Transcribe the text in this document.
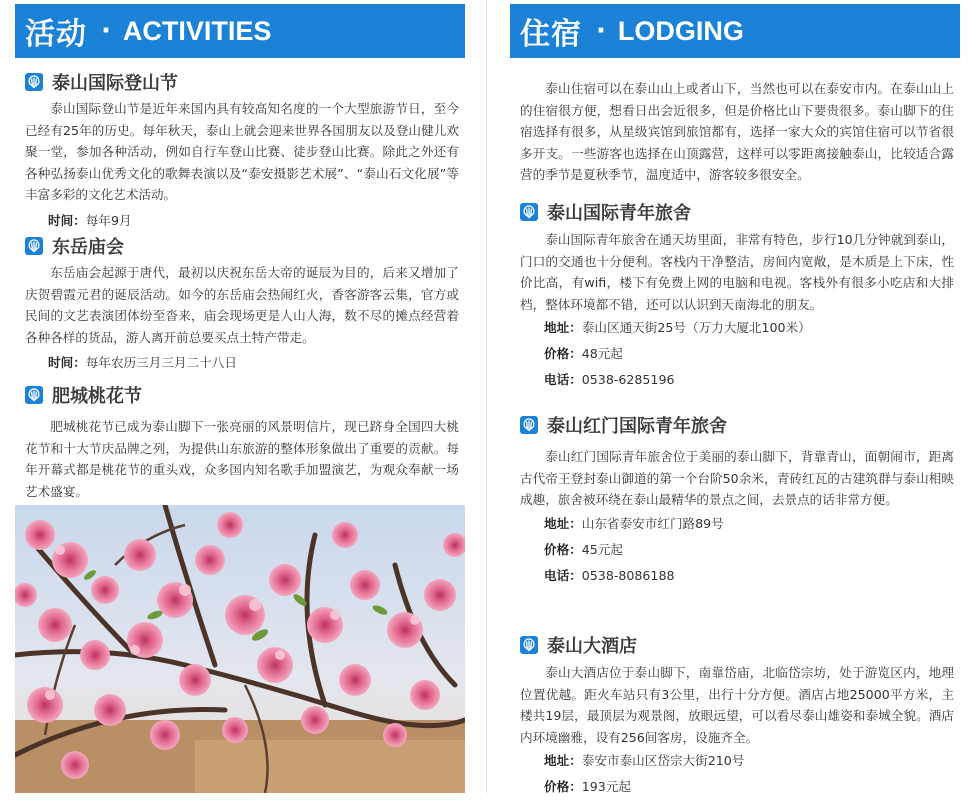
活动 · ACTIVITIES
泰山国际登山节

泰山国际登山节是近年来国内具有较高知名度的一个大型旅游节日，至今已经有25年的历史。每年秋天，泰山上就会迎来世界各国朋友以及登山健儿欢聚一堂，参加各种活动，例如自行车登山比赛、徒步登山比赛。除此之外还有各种弘扬泰山优秀文化的歌舞表演以及“泰安摄影艺术展”、“泰山石文化展”等丰富多彩的文化艺术活动。

时间：每年9月
东岳庙会

东岳庙会起源于唐代，最初以庆祝东岳大帝的诞辰为目的，后来又增加了庆贺碧霞元君的诞辰活动。如今的东岳庙会热闹红火，香客游客云集，官方或民间的文艺表演团体纷至沓来，庙会现场更是人山人海，数不尽的摊点经营着各种各样的货品，游人离开前总要买点土特产带走。

时间：每年农历三月三月二十八日
肥城桃花节

肥城桃花节已成为泰山脚下一张亮丽的风景明信片，现已跻身全国四大桃花节和十大节庆品牌之列，为提供山东旅游的整体形象做出了重要的贡献。每年开幕式都是桃花节的重头戏，众多国内知名歌手加盟演艺，为观众奉献一场艺术盛宴。

住宿 · LODGING

泰山住宿可以在泰山山上或者山下，当然也可以在泰安市内。在泰山山上的住宿很方便，想看日出会近很多，但是价格比山下要贵很多。泰山脚下的住宿选择有很多，从星级宾馆到旅馆都有，选择一家大众的宾馆住宿可以节省很多开支。一些游客也选择在山顶露营，这样可以零距离接触泰山，比较适合露营的季节是夏秋季节，温度适中，游客较多很安全。

泰山国际青年旅舍

泰山国际青年旅舍在通天坊里面，非常有特色，步行10几分钟就到泰山，门口的交通也十分便利。客栈内干净整洁，房间内宽敞，是木质是上下床，性价比高，有wifi，楼下有免费上网的电脑和电视。客栈外有很多小吃店和大排档，整体环境都不错，还可以认识到天南海北的朋友。

地址：泰山区通天街25号（万力大厦北100米）
价格：48元起
电话：0538-6285196
泰山红门国际青年旅舍

泰山红门国际青年旅舍位于美丽的泰山脚下，背靠青山，面朝闹市，距离古代帝王登封泰山御道的第一个台阶50余米，青砖红瓦的古建筑群与泰山相映成趣，旅舍被环绕在泰山最精华的景点之间，去景点的话非常方便。

地址：山东省泰安市红门路89号
价格：45元起
电话：0538-8086188
泰山大酒店

泰山大酒店位于泰山脚下，南靠岱庙，北临岱宗坊，处于游览区内，地理位置优越。距火车站只有3公里，出行十分方便。酒店占地25000平方米，主楼共19层，最顶层为观景阁，放眼远望，可以看尽泰山雄姿和泰城全貌。酒店内环境幽雅，设有256间客房，设施齐全。

地址：泰安市泰山区岱宗大街210号
价格：193元起
